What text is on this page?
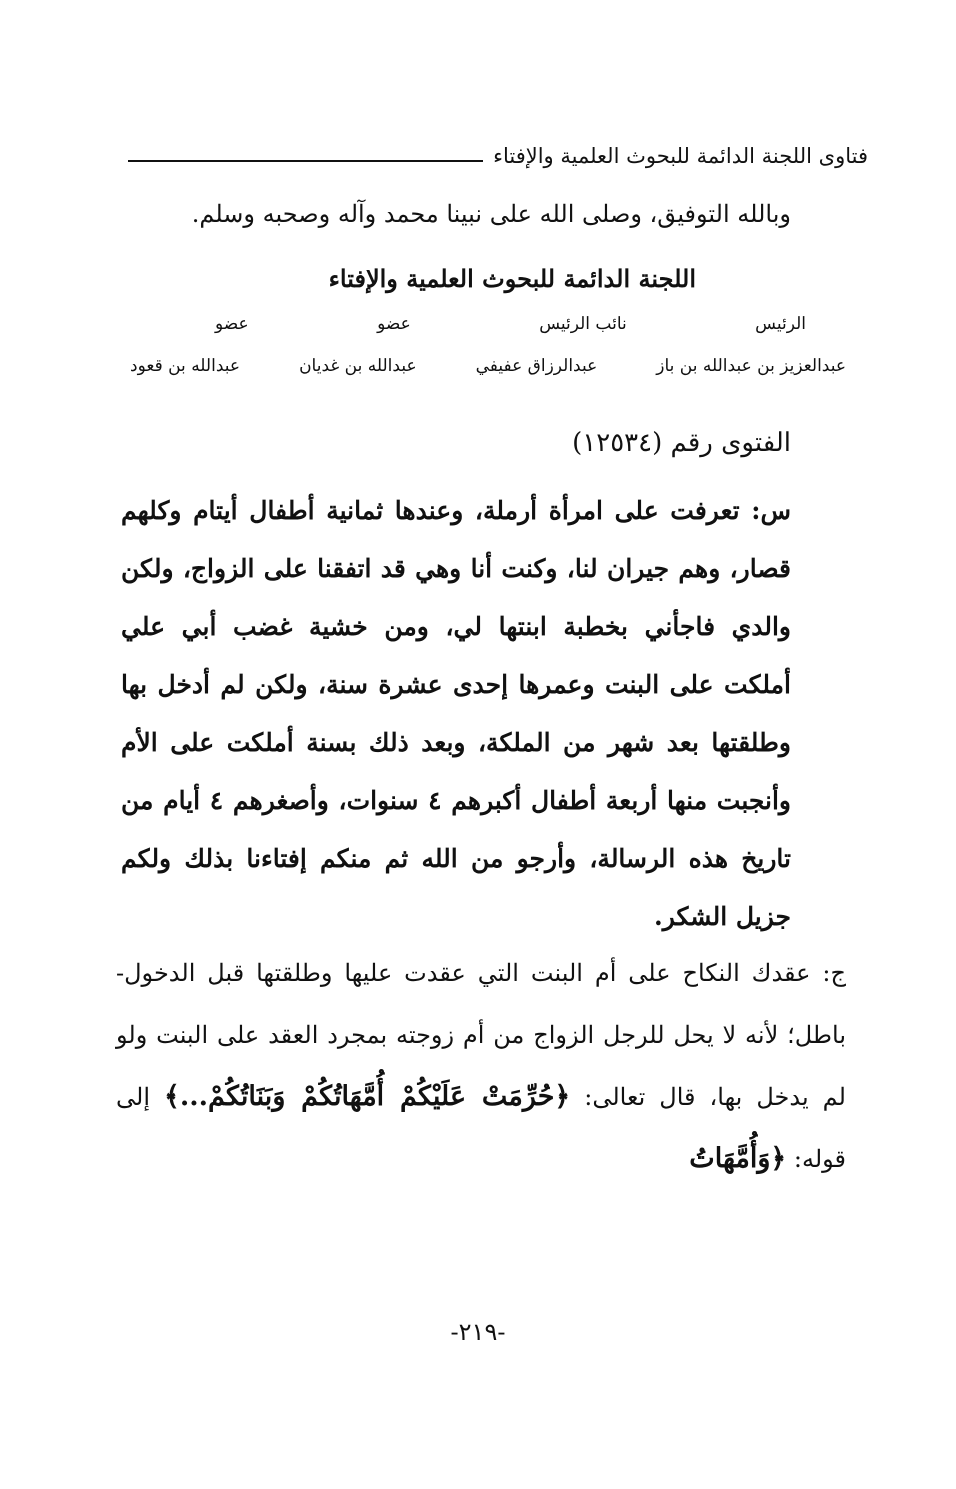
فتاوى اللجنة الدائمة للبحوث العلمية والإفتاء
وبالله التوفيق، وصلى الله على نبينا محمد وآله وصحبه وسلم.
اللجنة الدائمة للبحوث العلمية والإفتاء
عضو	عضو	نائب الرئيس	الرئيس
عبدالله بن قعود	عبدالله بن غديان	عبدالرزاق عفيفي	عبدالعزيز بن عبدالله بن باز
الفتوى رقم (١٢٥٣٤)
س: تعرفت على امرأة أرملة، وعندها ثمانية أطفال أيتام وكلهم قصار، وهم جيران لنا، وكنت أنا وهي قد اتفقنا على الزواج، ولكن والدي فاجأني بخطبة ابنتها لي، ومن خشية غضب أبي علي أملكت على البنت وعمرها إحدى عشرة سنة، ولكن لم أدخل بها وطلقتها بعد شهر من الملكة، وبعد ذلك بسنة أملكت على الأم وأنجبت منها أربعة أطفال أكبرهم ٤ سنوات، وأصغرهم ٤ أيام من تاريخ هذه الرسالة، وأرجو من الله ثم منكم إفتاءنا بذلك ولكم جزيل الشكر.
ج: عقدك النكاح على أم البنت التي عقدت عليها وطلقتها قبل الدخول- باطل؛ لأنه لا يحل للرجل الزواج من أم زوجته بمجرد العقد على البنت ولو لم يدخل بها، قال تعالى: ﴿حُرِّمَتْ عَلَيْكُمْ أُمَّهَاتُكُمْ وَبَنَاتُكُمْ...﴾ إلى قوله: ﴿وَأُمَّهَاتُ
-٢١٩-
